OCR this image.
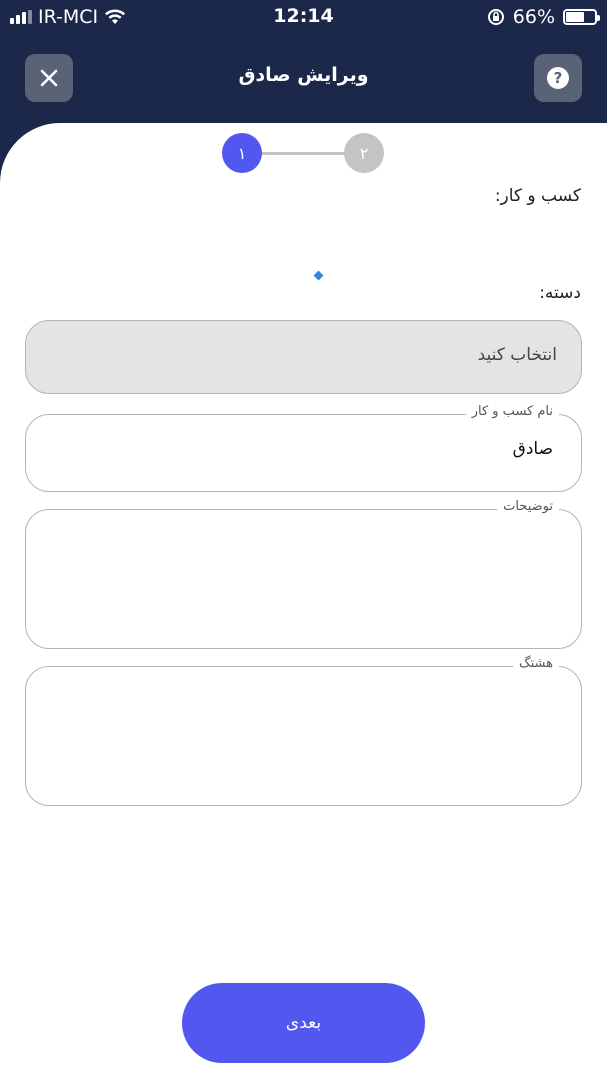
IR-MCI	12:14	66%
ویرایش صادق	?
۱	۲
کسب و کار:
دسته:
انتخاب کنید
نام کسب و کار
صادق
توضیحات
هشتگ
بعدی
